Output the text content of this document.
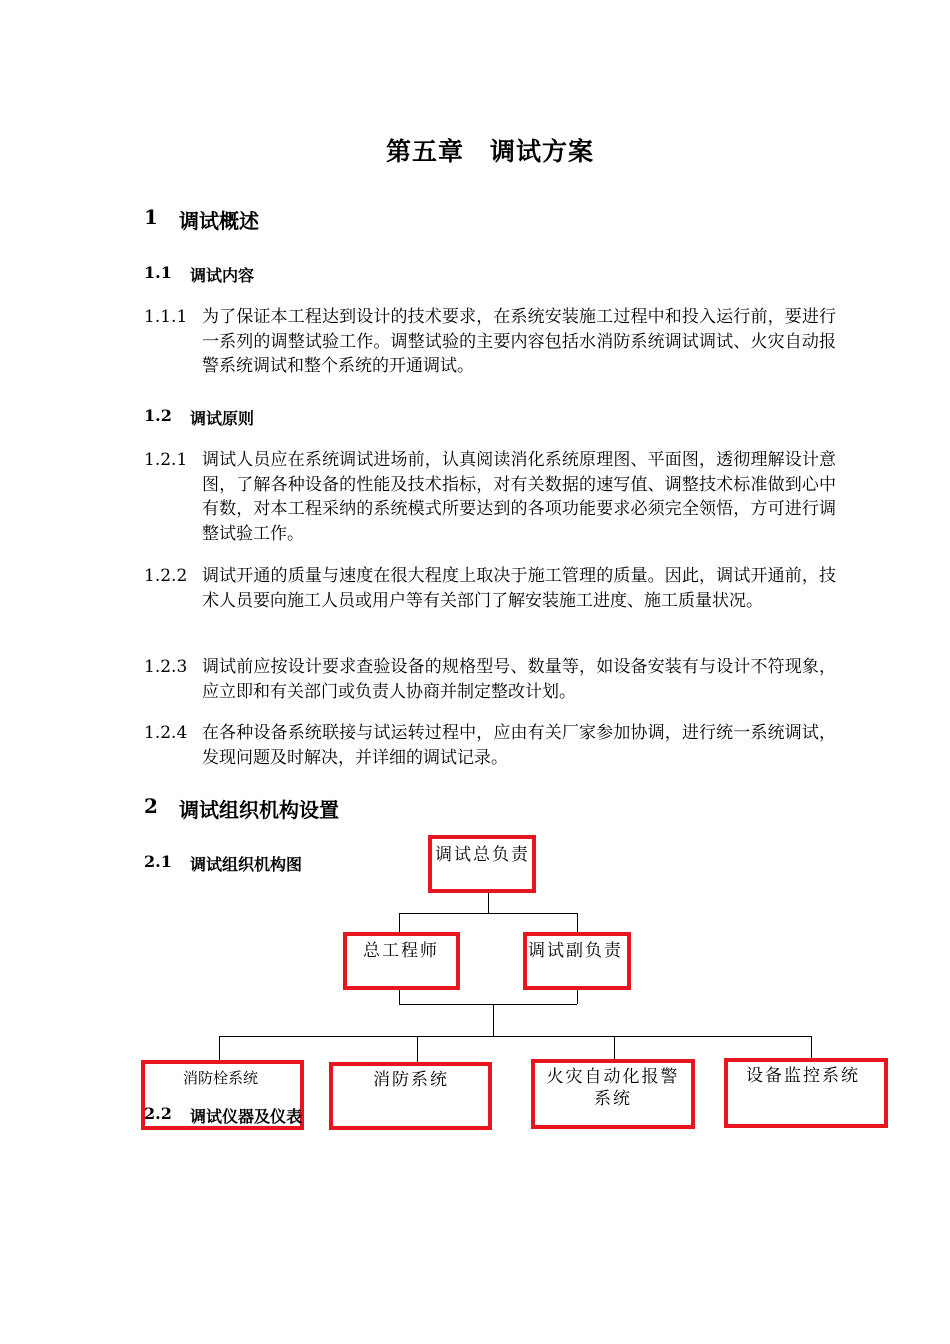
第五章　调试方案
1 调试概述
1.1 调试内容
1.1.1 为了保证本工程达到设计的技术要求，在系统安装施工过程中和投入运行前，要进行一系列的调整试验工作。调整试验的主要内容包括水消防系统调试调试、火灾自动报警系统调试和整个系统的开通调试。
1.2 调试原则
1.2.1 调试人员应在系统调试进场前，认真阅读消化系统原理图、平面图，透彻理解设计意图，了解各种设备的性能及技术指标，对有关数据的速写值、调整技术标准做到心中有数，对本工程采纳的系统模式所要达到的各项功能要求必须完全领悟，方可进行调整试验工作。
1.2.2 调试开通的质量与速度在很大程度上取决于施工管理的质量。因此，调试开通前，技术人员要向施工人员或用户等有关部门了解安装施工进度、施工质量状况。
1.2.3 调试前应按设计要求查验设备的规格型号、数量等，如设备安装有与设计不符现象，应立即和有关部门或负责人协商并制定整改计划。
1.2.4 在各种设备系统联接与试运转过程中，应由有关厂家参加协调，进行统一系统调试，发现问题及时解决，并详细的调试记录。
2 调试组织机构设置
2.1 调试组织机构图	调试总负责
总工程师	调试副负责
消防栓系统	消防系统	火灾自动化报警系统
设备监控系统
2.2 调试仪器及仪表
